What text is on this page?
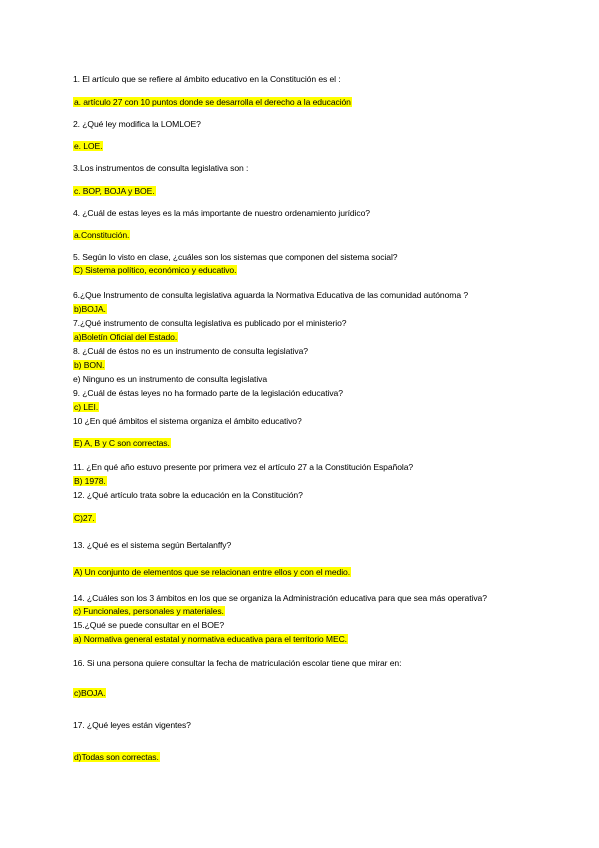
1. El artículo que se refiere al ámbito educativo en la Constitución es el :
a. artículo 27 con 10 puntos donde se desarrolla el derecho a la educación
2. ¿Qué ley modifica la LOMLOE?
e. LOE.
3.Los instrumentos de consulta legislativa son :
c. BOP, BOJA y BOE.
4. ¿Cuál de estas leyes es la más importante de nuestro ordenamiento jurídico?
a.Constitución.
5. Según lo visto en clase, ¿cuáles son los sistemas que componen del sistema social?
C) Sistema político, económico y educativo.
6.¿Que Instrumento de consulta legislativa aguarda la Normativa Educativa de las comunidad autónoma ?
b)BOJA.
7.¿Qué instrumento de consulta legislativa es publicado por el ministerio?
a)Boletín Oficial del Estado.
8. ¿Cuál de éstos no es un instrumento de consulta legislativa?
b) BON.
e) Ninguno es un instrumento de consulta legislativa
9. ¿Cuál de éstas leyes no ha formado parte de la legislación educativa?
c) LEI.
10 ¿En qué ámbitos el sistema organiza el ámbito educativo?
E) A, B y C son correctas.
11. ¿En qué año estuvo presente por primera vez el artículo 27 a la Constitución Española?
B) 1978.
12. ¿Qué artículo trata sobre la educación en la Constitución?
C)27.
13. ¿Qué es el sistema según Bertalanffy?
A) Un conjunto de elementos que se relacionan entre ellos y con el medio.
14. ¿Cuáles son los 3 ámbitos en los que se organiza la Administración educativa para que sea más operativa?
c) Funcionales, personales y materiales.
15.¿Qué se puede consultar en el BOE?
a) Normativa general estatal y normativa educativa para el territorio MEC.
16. Si una persona quiere consultar la fecha de matriculación escolar tiene que mirar en:
c)BOJA.
17. ¿Qué leyes están vigentes?
d)Todas son correctas.
